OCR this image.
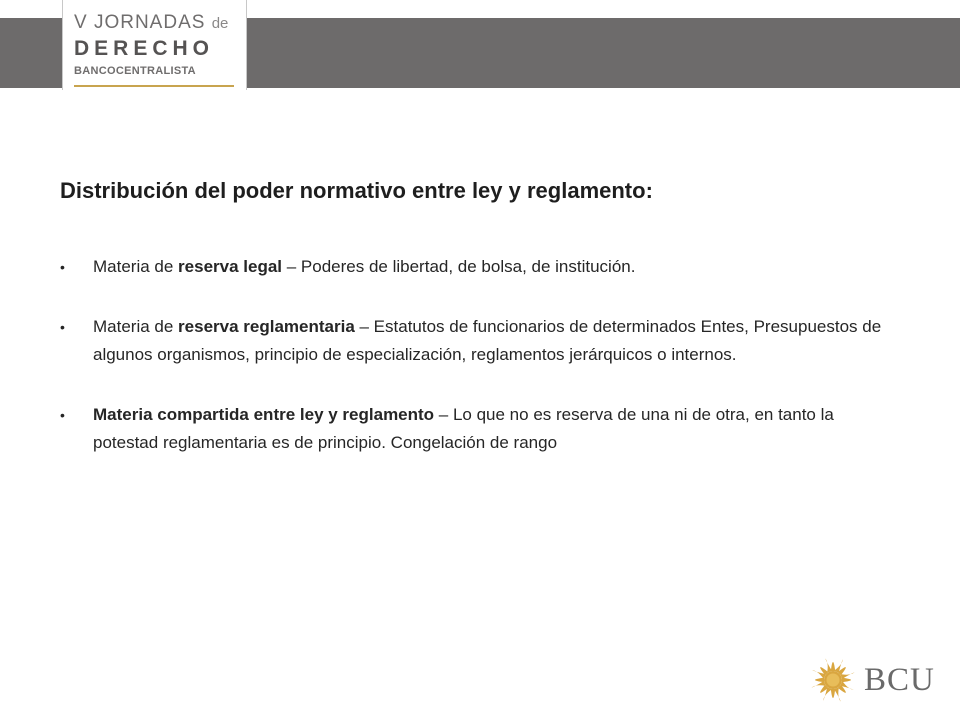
V JORNADAS de
DERECHO
BANCOCENTRALISTA
Distribución del poder normativo entre ley y reglamento:
• Materia de reserva legal – Poderes de libertad, de bolsa, de institución.
• Materia de reserva reglamentaria – Estatutos de funcionarios de determinados Entes, Presupuestos de algunos organismos, principio de especialización, reglamentos jerárquicos o internos.
• Materia compartida entre ley y reglamento – Lo que no es reserva de una ni de otra, en tanto la potestad reglamentaria es de principio. Congelación de rango
BCU
